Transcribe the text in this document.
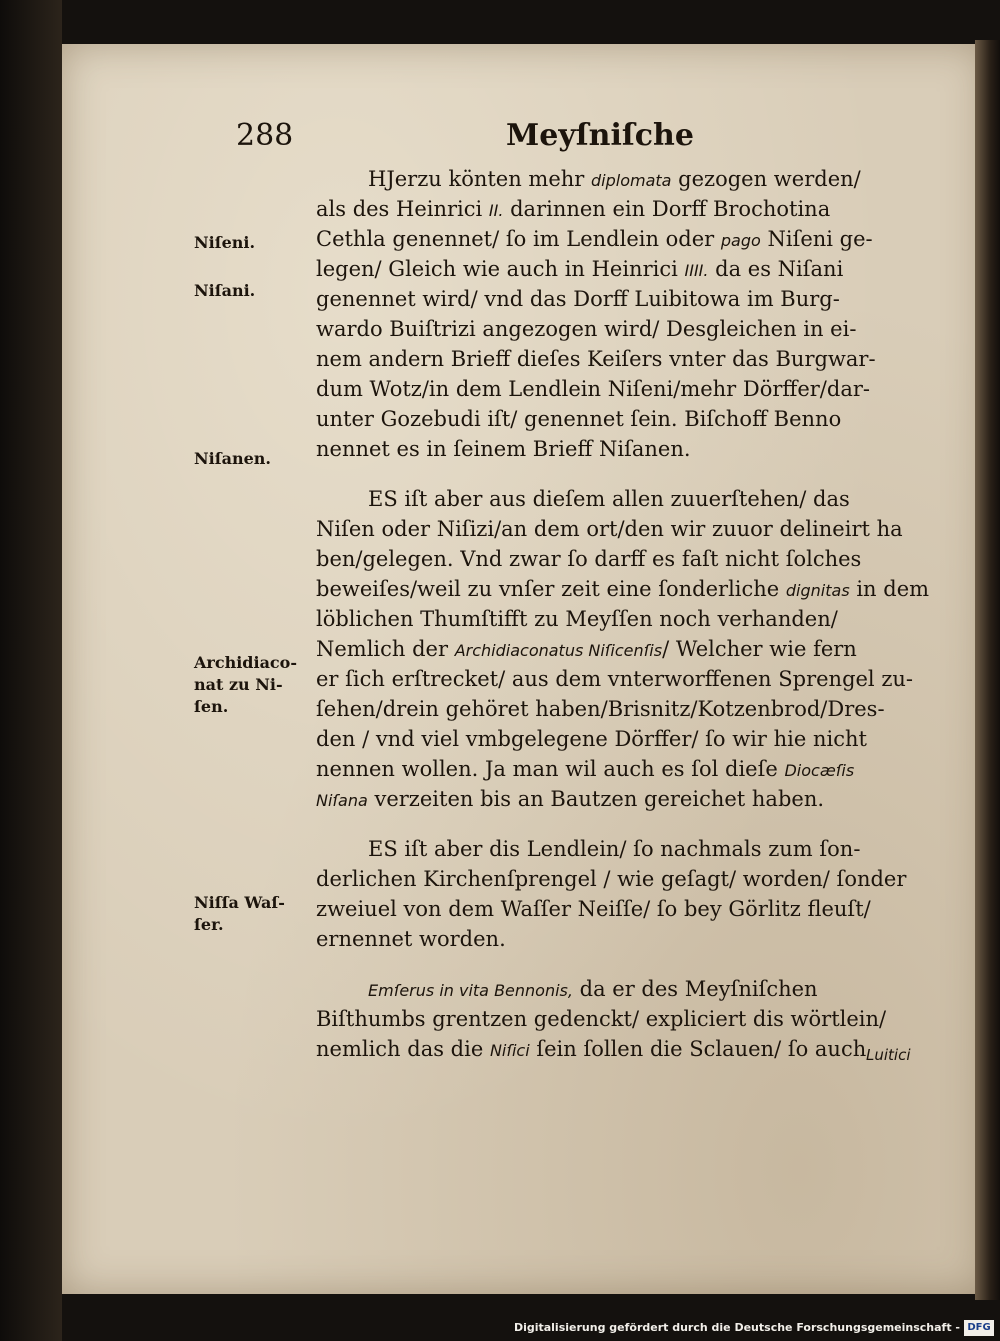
288	Meyſniſche
Niſeni.
Niſani.
Niſanen.
Archidiaco-nat zu Ni-ſen.
Niſſa Waſ-ſer.
HJerzu könten mehr diplomata gezogen werden/
als des Heinrici II. darinnen ein Dorff Brochotina
Cethla genennet/ ſo im Lendlein oder pago Niſeni ge-
legen/ Gleich wie auch in Heinrici IIII. da es Niſani
genennet wird/ vnd das Dorff Luibitowa im Burg-
wardo Buiſtrizi angezogen wird/ Desgleichen in ei-
nem andern Brieff dieſes Keiſers vnter das Burgwar-
dum Wotz/in dem Lendlein Niſeni/mehr Dörffer/dar-
unter Gozebudi iſt/ genennet ſein. Biſchoff Benno
nennet es in ſeinem Brieff Niſanen.
ES iſt aber aus dieſem allen zuuerſtehen/ das
Niſen oder Niſizi/an dem ort/den wir zuuor delineirt ha
ben/gelegen. Vnd zwar ſo darff es faſt nicht ſolches
beweiſes/weil zu vnſer zeit eine ſonderliche dignitas in dem
löblichen Thumſtifft zu Meyſſen noch verhanden/
Nemlich der Archidiaconatus Niſicenſis/ Welcher wie fern
er ſich erſtrecket/ aus dem vnterworffenen Sprengel zu-
ſehen/drein gehöret haben/Brisnitz/Kotzenbrod/Dres-
den / vnd viel vmbgelegene Dörffer/ ſo wir hie nicht
nennen wollen. Ja man wil auch es ſol dieſe Diocæſis
Niſana verzeiten bis an Bautzen gereichet haben.
ES iſt aber dis Lendlein/ ſo nachmals zum ſon-
derlichen Kirchenſprengel / wie geſagt/ worden/ ſonder
zweiuel von dem Waſſer Neiſſe/ ſo bey Görlitz fleuſt/
ernennet worden.
Emſerus in vita Bennonis, da er des Meyſniſchen
Biſthumbs grentzen gedenckt/ expliciert dis wörtlein/
nemlich das die Niſici ſein ſollen die Sclauen/ ſo auch Luitici
Digitalisierung gefördert durch die Deutsche Forschungsgemeinschaft - DFG
